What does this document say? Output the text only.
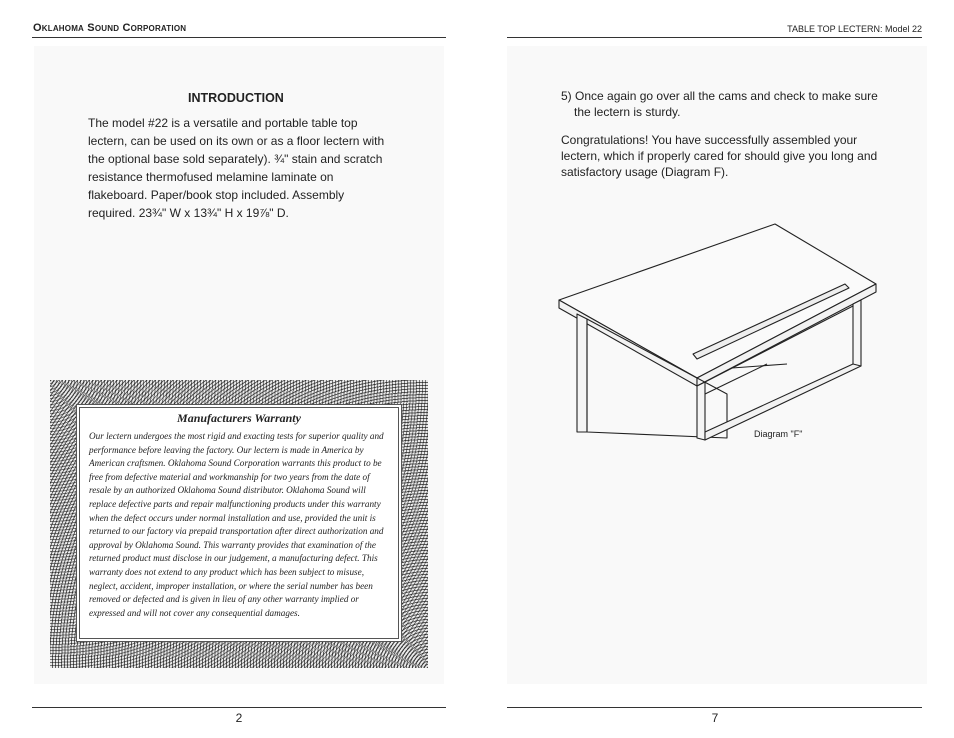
Oklahoma Sound Corporation
INTRODUCTION

The model #22 is a versatile and portable table top lectern, can be used on its own or as a floor lectern with the optional base sold separately). ¾" stain and scratch resistance thermofused melamine laminate on flakeboard. Paper/book stop included. Assembly required. 23¾" W x 13¾" H x 19⅞" D.

Manufacturers Warranty

Our lectern undergoes the most rigid and exacting tests for superior quality and performance before leaving the factory. Our lectern is made in America by American craftsmen. Oklahoma Sound Corporation warrants this product to be free from defective material and workmanship for two years from the date of resale by an authorized Oklahoma Sound distributor. Oklahoma Sound will replace defective parts and repair malfunctioning products under this warranty when the defect occurs under normal installation and use, provided the unit is returned to our factory via prepaid transportation after direct authorization and approval by Oklahoma Sound. This warranty provides that examination of the returned product must disclose in our judgement, a manufacturing defect. This warranty does not extend to any product which has been subject to misuse, neglect, accident, improper installation, or where the serial number has been removed or defected and is given in lieu of any other warranty implied or expressed and will not cover any consequential damages.

2
TABLE TOP LECTERN: Model 22

5) Once again go over all the cams and check to make sure the lectern is sturdy.

Congratulations! You have successfully assembled your lectern, which if properly cared for should give you long and satisfactory usage (Diagram F).

Diagram "F"
7
